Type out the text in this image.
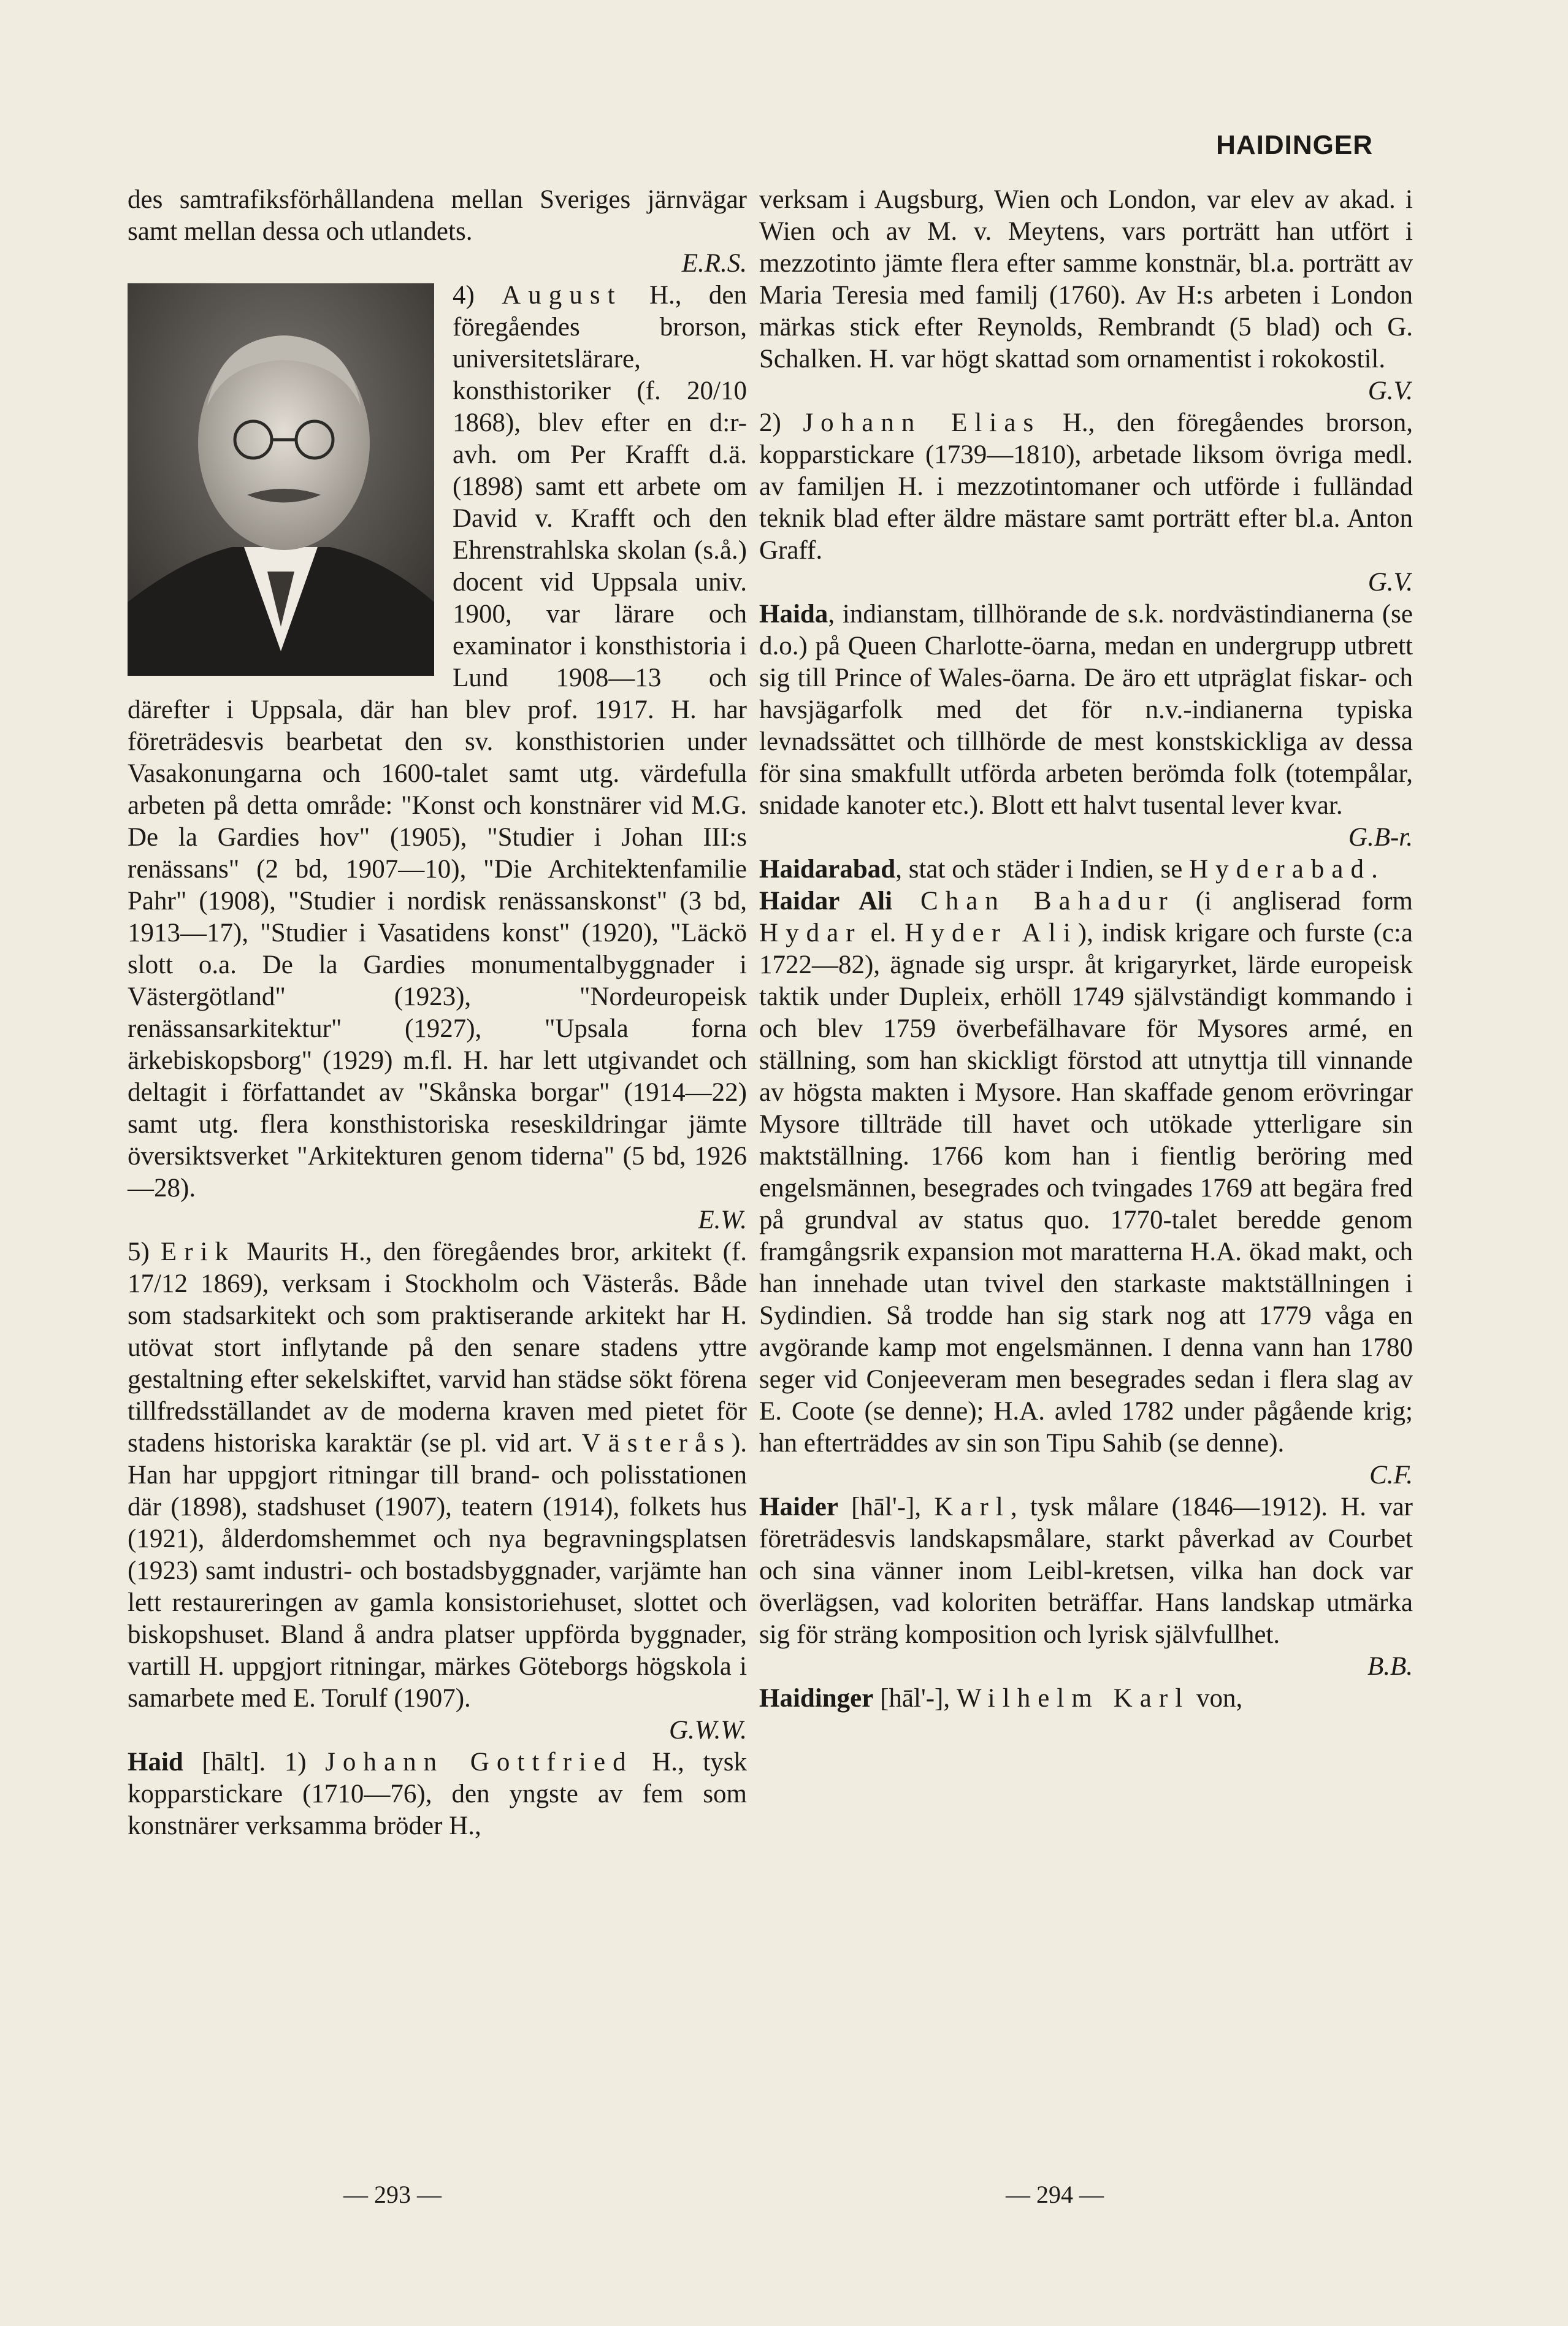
HAIDINGER

des samtrafiksförhållandena mellan Sveriges järnvägar samt mellan dessa och utlandets.
E.R.S.

4) August H., den föregåendes brorson, universitetslärare, konsthistoriker (f. 20/10 1868), blev efter en d:r-avh. om Per Krafft d.ä. (1898) samt ett arbete om David v. Krafft och den Ehrenstrahlska skolan (s.å.) docent vid Uppsala univ. 1900, var lärare och examinator i konsthistoria i Lund 1908—13 och därefter i Uppsala, där han blev prof. 1917. H. har företrädesvis bearbetat den sv. konsthistorien under Vasakonungarna och 1600-talet samt utg. värdefulla arbeten på detta område: "Konst och konstnärer vid M.G. De la Gardies hov" (1905), "Studier i Johan III:s renässans" (2 bd, 1907—10), "Die Architektenfamilie Pahr" (1908), "Studier i nordisk renässanskonst" (3 bd, 1913—17), "Studier i Vasatidens konst" (1920), "Läckö slott o.a. De la Gardies monumentalbyggnader i Västergötland" (1923), "Nordeuropeisk renässansarkitektur" (1927), "Upsala forna ärkebiskopsborg" (1929) m.fl. H. har lett utgivandet och deltagit i författandet av "Skånska borgar" (1914—22) samt utg. flera konsthistoriska reseskildringar jämte översiktsverket "Arkitekturen genom tiderna" (5 bd, 1926—28).
E.W.

5) Erik Maurits H., den föregåendes bror, arkitekt (f. 17/12 1869), verksam i Stockholm och Västerås. Både som stadsarkitekt och som praktiserande arkitekt har H. utövat stort inflytande på den senare stadens yttre gestaltning efter sekelskiftet, varvid han städse sökt förena tillfredsställandet av de moderna kraven med pietet för stadens historiska karaktär (se pl. vid art. Västerås). Han har uppgjort ritningar till brand- och polisstationen där (1898), stadshuset (1907), teatern (1914), folkets hus (1921), ålderdomshemmet och nya begravningsplatsen (1923) samt industri- och bostadsbyggnader, varjämte han lett restaureringen av gamla konsistoriehuset, slottet och biskopshuset. Bland å andra platser uppförda byggnader, vartill H. uppgjort ritningar, märkes Göteborgs högskola i samarbete med E. Torulf (1907).
G.W.W.

Haid [hālt]. 1) Johann Gottfried H., tysk kopparstickare (1710—76), den yngste av fem som konstnärer verksamma bröder H.,

verksam i Augsburg, Wien och London, var elev av akad. i Wien och av M. v. Meytens, vars porträtt han utfört i mezzotinto jämte flera efter samme konstnär, bl.a. porträtt av Maria Teresia med familj (1760). Av H:s arbeten i London märkas stick efter Reynolds, Rembrandt (5 blad) och G. Schalken. H. var högt skattad som ornamentist i rokokostil.
G.V.

2) Johann Elias H., den föregåendes brorson, kopparstickare (1739—1810), arbetade liksom övriga medl. av familjen H. i mezzotintomaner och utförde i fulländad teknik blad efter äldre mästare samt porträtt efter bl.a. Anton Graff.
G.V.

Haida, indianstam, tillhörande de s.k. nordvästindianerna (se d.o.) på Queen Charlotte-öarna, medan en undergrupp utbrett sig till Prince of Wales-öarna. De äro ett utpräglat fiskar- och havsjägarfolk med det för n.v.-indianerna typiska levnadssättet och tillhörde de mest konstskickliga av dessa för sina smakfullt utförda arbeten berömda folk (totempålar, snidade kanoter etc.). Blott ett halvt tusental lever kvar.
G.B-r.

Haidarabad, stat och städer i Indien, se Hyderabad.

Haidar Ali Chan Bahadur (i angliserad form Hydar el. Hyder Ali), indisk krigare och furste (c:a 1722—82), ägnade sig urspr. åt krigaryrket, lärde europeisk taktik under Dupleix, erhöll 1749 självständigt kommando i och blev 1759 överbefälhavare för Mysores armé, en ställning, som han skickligt förstod att utnyttja till vinnande av högsta makten i Mysore. Han skaffade genom erövringar Mysore tillträde till havet och utökade ytterligare sin maktställning. 1766 kom han i fientlig beröring med engelsmännen, besegrades och tvingades 1769 att begära fred på grundval av status quo. 1770-talet beredde genom framgångsrik expansion mot maratterna H.A. ökad makt, och han innehade utan tvivel den starkaste maktställningen i Sydindien. Så trodde han sig stark nog att 1779 våga en avgörande kamp mot engelsmännen. I denna vann han 1780 seger vid Conjeeveram men besegrades sedan i flera slag av E. Coote (se denne); H.A. avled 1782 under pågående krig; han efterträddes av sin son Tipu Sahib (se denne).
C.F.

Haider [hāl'-], Karl, tysk målare (1846—1912). H. var företrädesvis landskapsmålare, starkt påverkad av Courbet och sina vänner inom Leibl-kretsen, vilka han dock var överlägsen, vad koloriten beträffar. Hans landskap utmärka sig för sträng komposition och lyrisk självfullhet.
B.B.

Haidinger [hāl'-], Wilhelm Karl von,

— 293 —	— 294 —
